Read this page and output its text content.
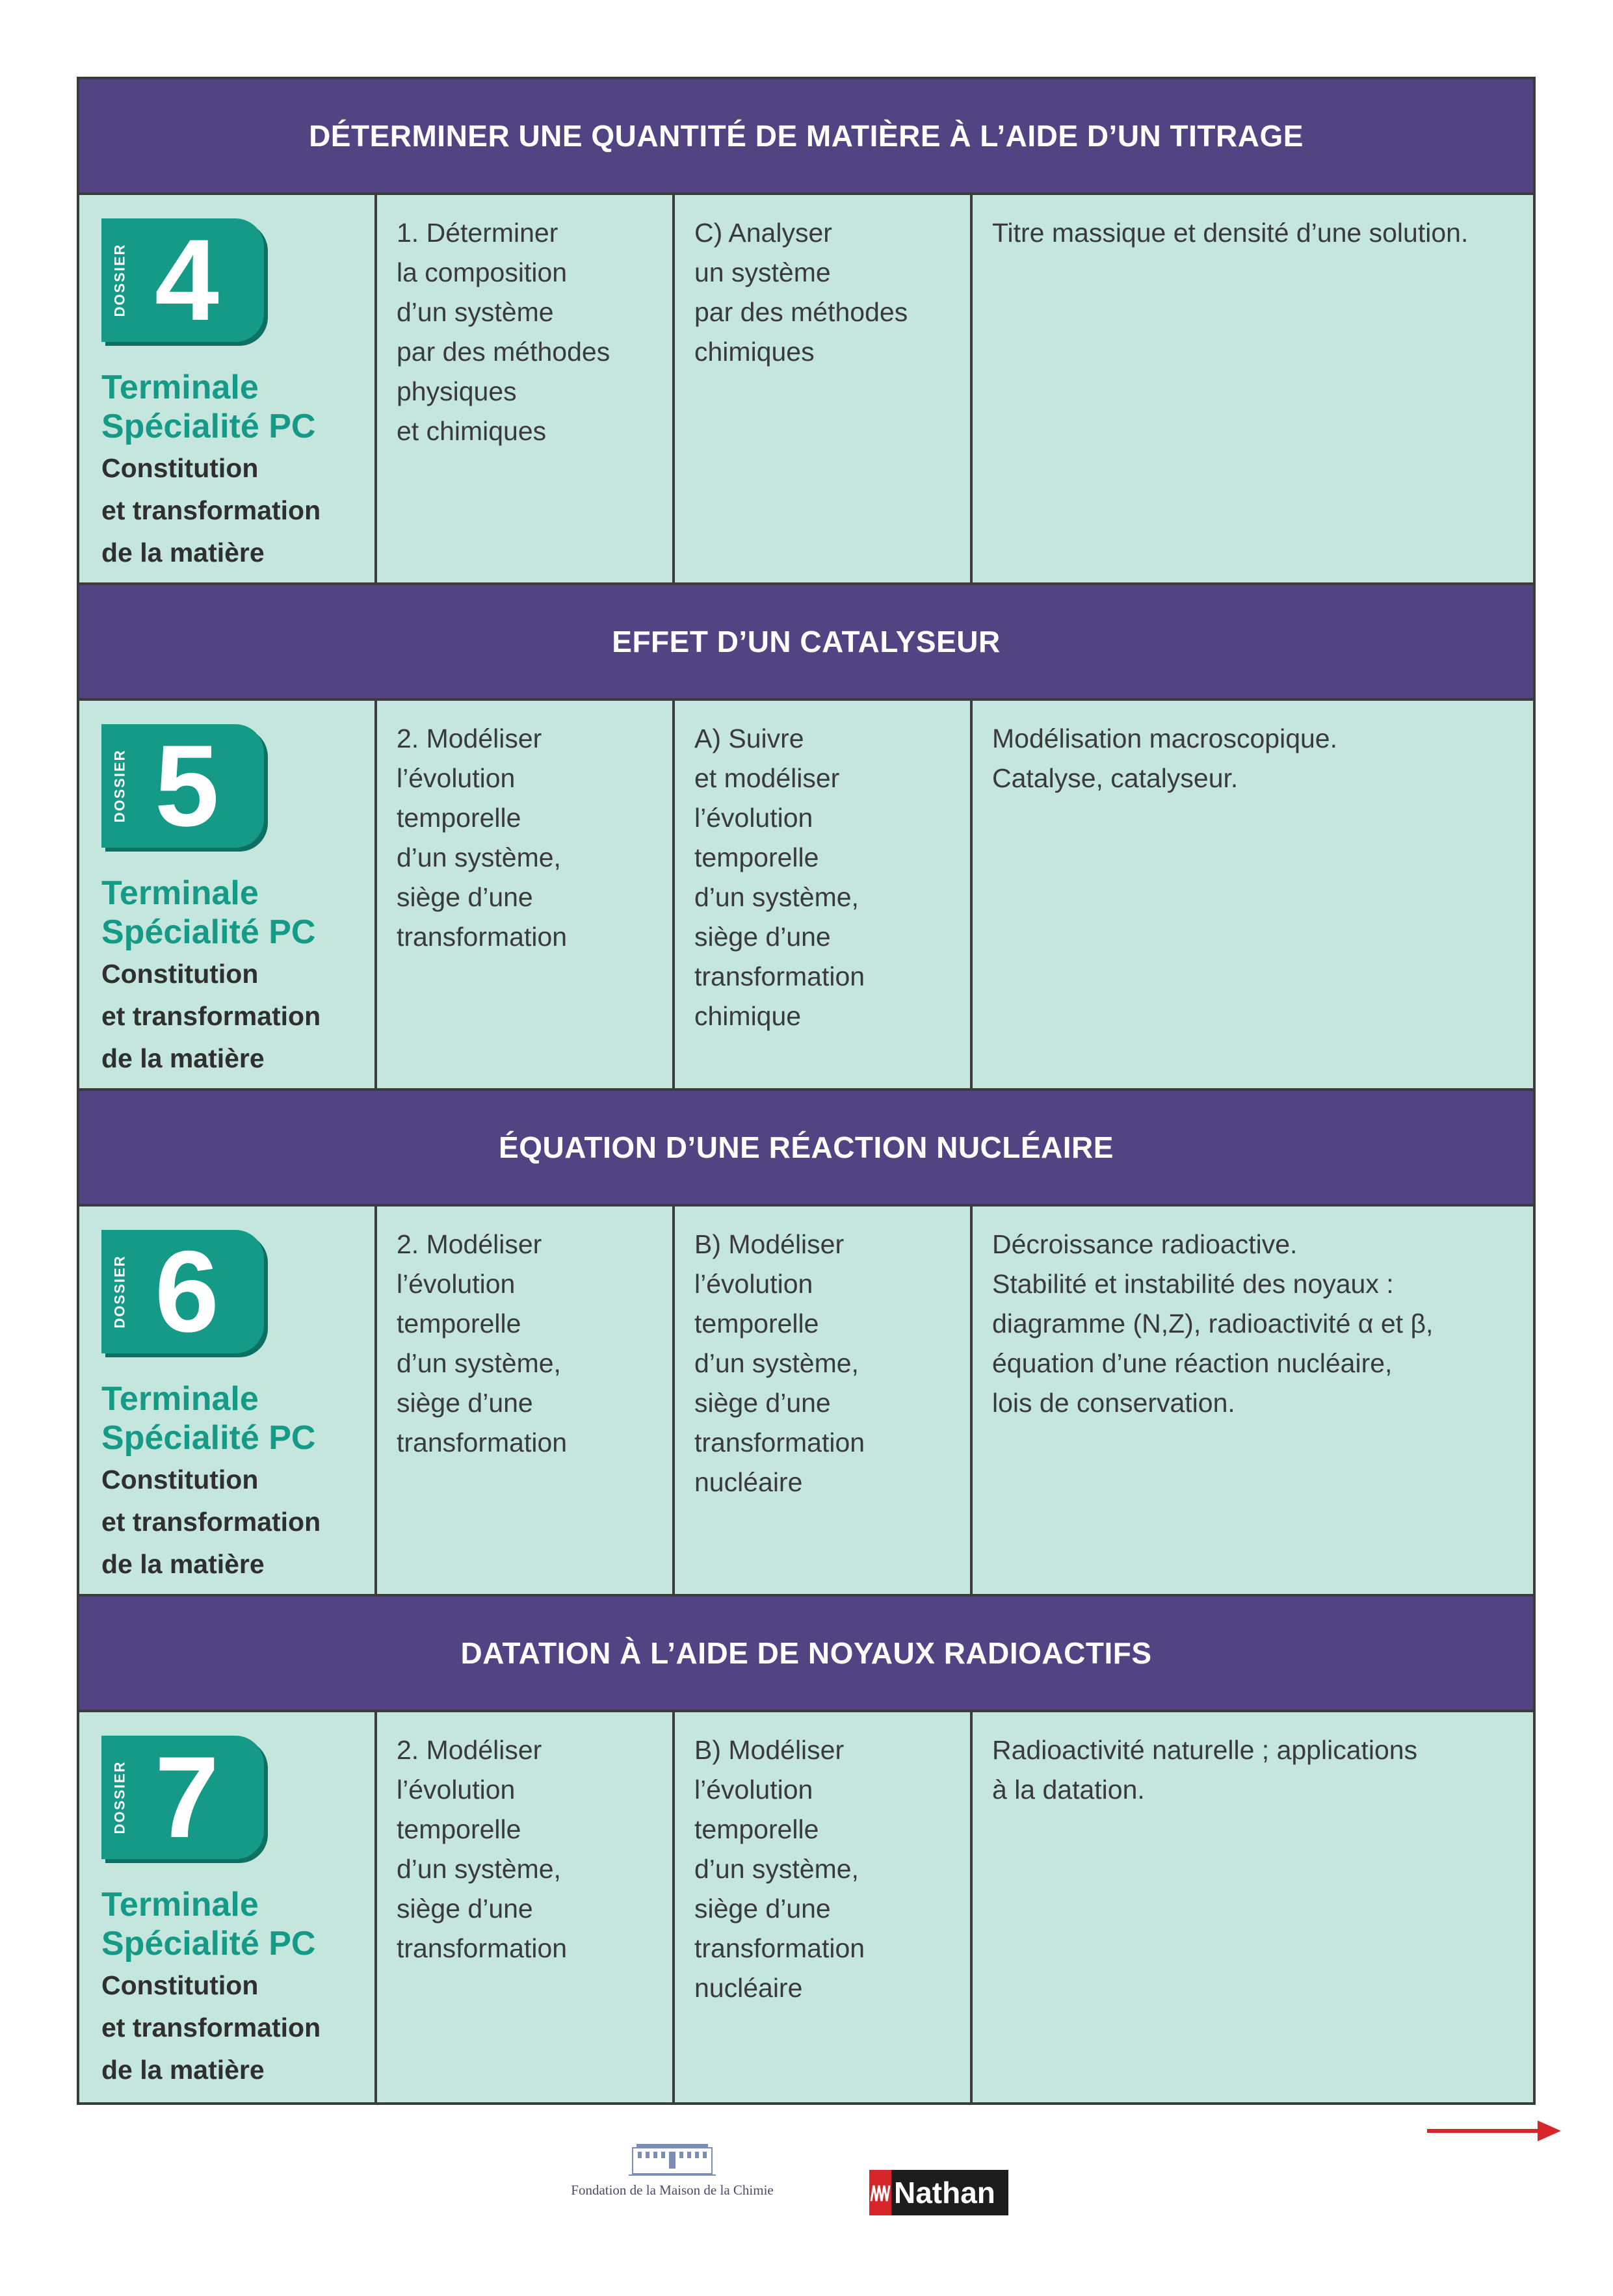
DÉTERMINER UNE QUANTITÉ DE MATIÈRE À L’AIDE D’UN TITRAGE
DOSSIER 4
Terminale
Spécialité PC
Constitution
et transformation
de la matière
1. Déterminer
la composition
d’un système
par des méthodes
physiques
et chimiques
C) Analyser
un système
par des méthodes
chimiques
Titre massique et densité d’une solution.
EFFET D’UN CATALYSEUR
DOSSIER 5
Terminale
Spécialité PC
Constitution
et transformation
de la matière
2. Modéliser
l’évolution
temporelle
d’un système,
siège d’une
transformation
A) Suivre
et modéliser
l’évolution
temporelle
d’un système,
siège d’une
transformation
chimique
Modélisation macroscopique.
Catalyse, catalyseur.
ÉQUATION D’UNE RÉACTION NUCLÉAIRE
DOSSIER 6
Terminale
Spécialité PC
Constitution
et transformation
de la matière
2. Modéliser
l’évolution
temporelle
d’un système,
siège d’une
transformation
B) Modéliser
l’évolution
temporelle
d’un système,
siège d’une
transformation
nucléaire
Décroissance radioactive.
Stabilité et instabilité des noyaux :
diagramme (N,Z), radioactivité α et β,
équation d’une réaction nucléaire,
lois de conservation.
DATATION À L’AIDE DE NOYAUX RADIOACTIFS
DOSSIER 7
Terminale
Spécialité PC
Constitution
et transformation
de la matière
2. Modéliser
l’évolution
temporelle
d’un système,
siège d’une
transformation
B) Modéliser
l’évolution
temporelle
d’un système,
siège d’une
transformation
nucléaire
Radioactivité naturelle ; applications
à la datation.
Fondation de la Maison de la Chimie	Nathan
